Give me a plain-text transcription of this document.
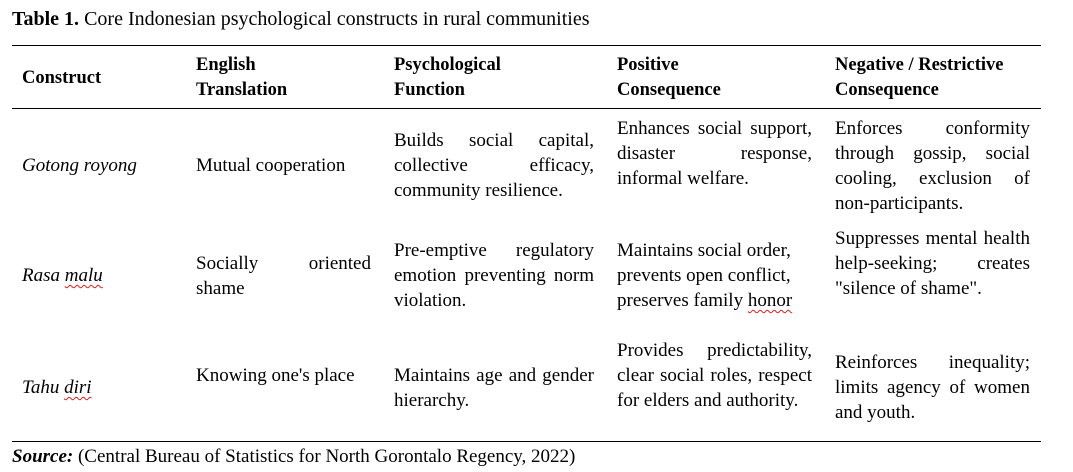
Table 1. Core Indonesian psychological constructs in rural communities
Construct
English
Translation
Psychological
Function
Positive
Consequence
Negative / Restrictive
Consequence
Gotong royong	Mutual cooperation
Builds social capital, collective efficacy, community resilience.
Enhances social support, disaster response, informal welfare.
Enforces conformity through gossip, social cooling, exclusion of non-participants.
Rasa malu
Socially oriented shame
Pre-emptive regulatory emotion preventing norm violation.
Maintains social order, prevents open conflict, preserves family honor
Suppresses mental health help-seeking; creates "silence of shame".
Tahu diri
Knowing one's place	Maintains age and gender hierarchy.
Provides predictability, clear social roles, respect for elders and authority.
Reinforces inequality; limits agency of women and youth.
Source: (Central Bureau of Statistics for North Gorontalo Regency, 2022)
